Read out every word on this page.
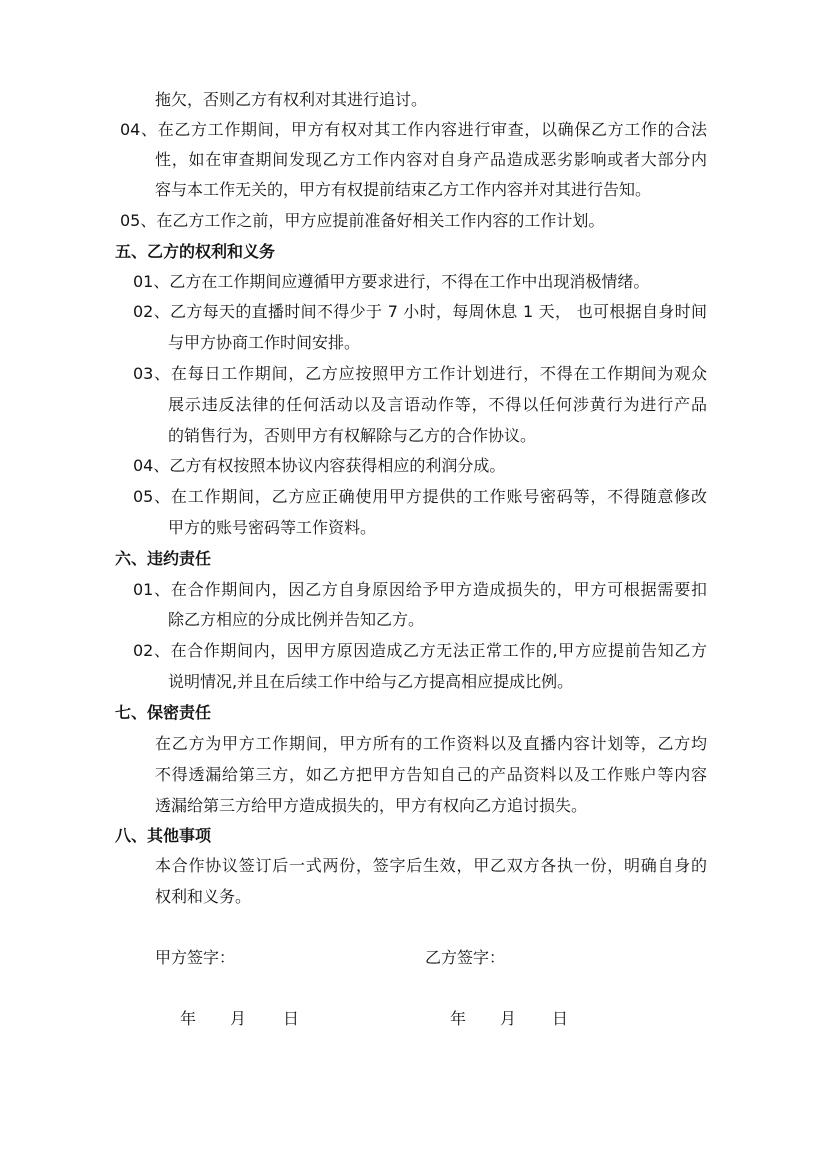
拖欠，否则乙方有权利对其进行追讨。
04、在乙方工作期间，甲方有权对其工作内容进行审查，以确保乙方工作的合法
性，如在审查期间发现乙方工作内容对自身产品造成恶劣影响或者大部分内
容与本工作无关的，甲方有权提前结束乙方工作内容并对其进行告知。
05、在乙方工作之前，甲方应提前准备好相关工作内容的工作计划。
五、乙方的权利和义务
01、乙方在工作期间应遵循甲方要求进行，不得在工作中出现消极情绪。
02、乙方每天的直播时间不得少于 7 小时，每周休息 1 天， 也可根据自身时间
与甲方协商工作时间安排。
03、在每日工作期间，乙方应按照甲方工作计划进行，不得在工作期间为观众
展示违反法律的任何活动以及言语动作等，不得以任何涉黄行为进行产品
的销售行为，否则甲方有权解除与乙方的合作协议。
04、乙方有权按照本协议内容获得相应的利润分成。
05、在工作期间，乙方应正确使用甲方提供的工作账号密码等，不得随意修改
甲方的账号密码等工作资料。
六、违约责任
01、在合作期间内，因乙方自身原因给予甲方造成损失的，甲方可根据需要扣
除乙方相应的分成比例并告知乙方。
02、在合作期间内，因甲方原因造成乙方无法正常工作的,甲方应提前告知乙方
说明情况,并且在后续工作中给与乙方提高相应提成比例。
七、保密责任
在乙方为甲方工作期间，甲方所有的工作资料以及直播内容计划等，乙方均
不得透漏给第三方，如乙方把甲方告知自己的产品资料以及工作账户等内容
透漏给第三方给甲方造成损失的，甲方有权向乙方追讨损失。
八、其他事项
本合作协议签订后一式两份，签字后生效，甲乙双方各执一份，明确自身的
权利和义务。
甲方签字：	乙方签字：
年 月 日	年 月 日
